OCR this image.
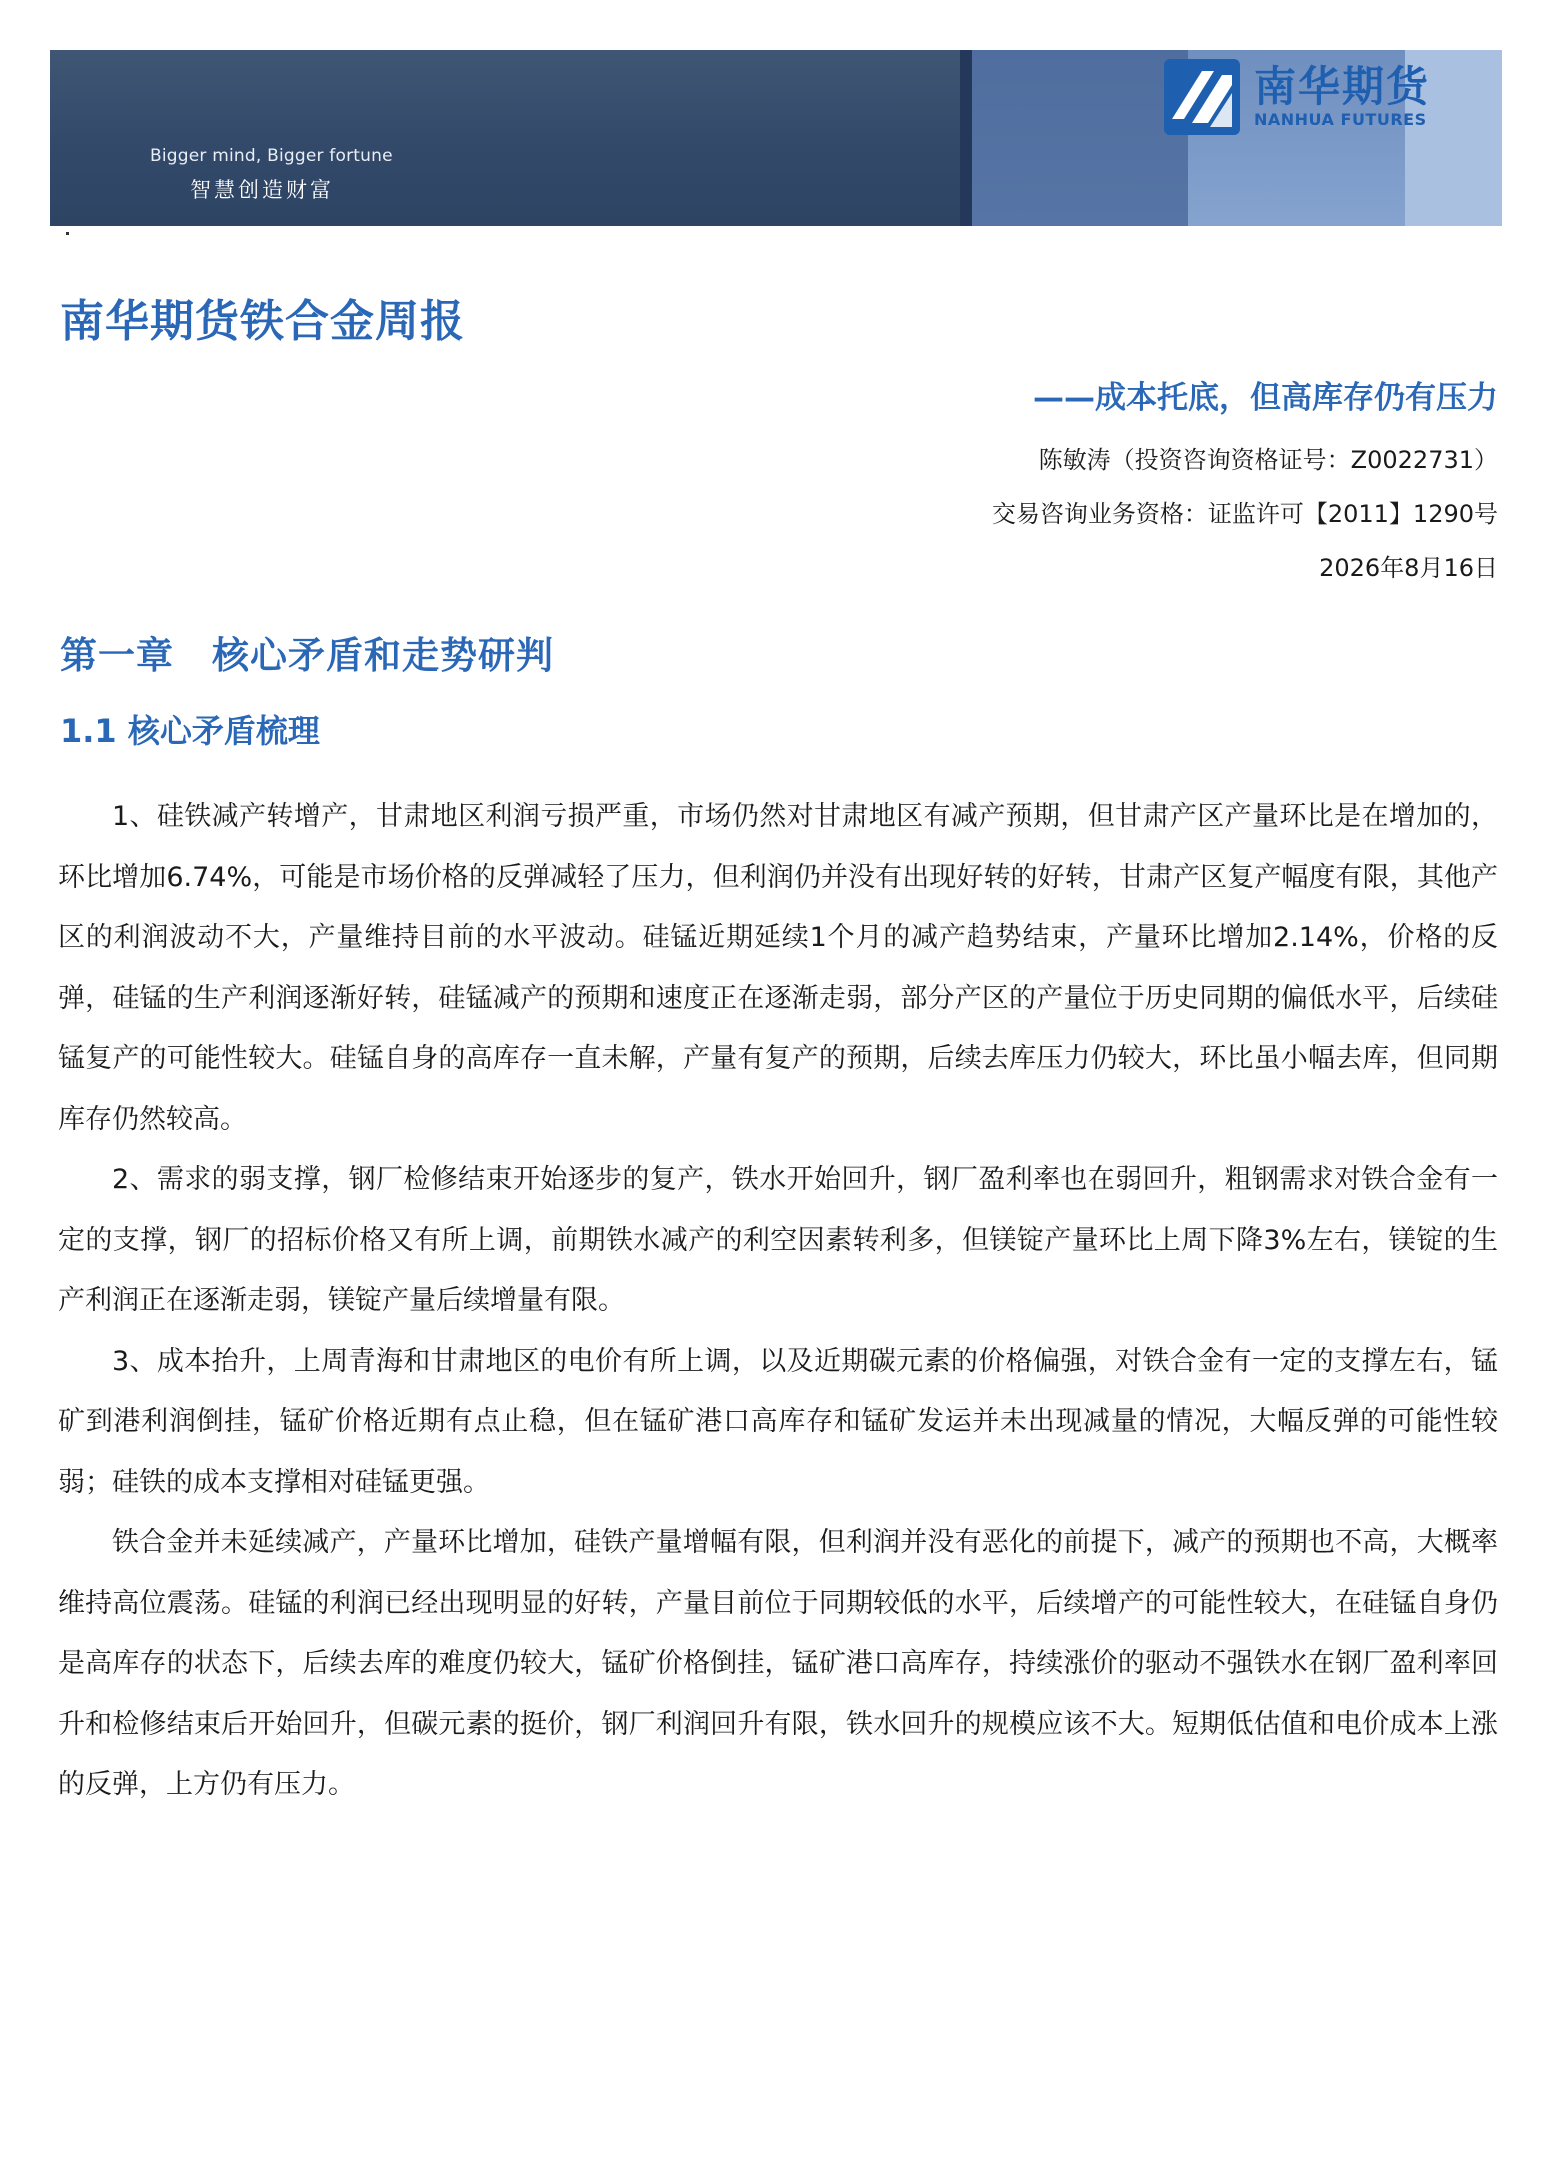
Bigger mind, Bigger fortune
智慧创造财富
南华期货
NANHUA FUTURES
南华期货铁合金周报
——成本托底，但高库存仍有压力
陈敏涛（投资咨询资格证号：Z0022731）
交易咨询业务资格：证监许可【2011】1290号
2026年8月16日
第一章　核心矛盾和走势研判
1.1 核心矛盾梳理

1、硅铁减产转增产，甘肃地区利润亏损严重，市场仍然对甘肃地区有减产预期，但甘肃产区产量环比是在增加的，环比增加6.74%，可能是市场价格的反弹减轻了压力，但利润仍并没有出现好转的好转，甘肃产区复产幅度有限，其他产区的利润波动不大，产量维持目前的水平波动。硅锰近期延续1个月的减产趋势结束，产量环比增加2.14%，价格的反弹，硅锰的生产利润逐渐好转，硅锰减产的预期和速度正在逐渐走弱，部分产区的产量位于历史同期的偏低水平，后续硅锰复产的可能性较大。硅锰自身的高库存一直未解，产量有复产的预期，后续去库压力仍较大，环比虽小幅去库，但同期库存仍然较高。

2、需求的弱支撑，钢厂检修结束开始逐步的复产，铁水开始回升，钢厂盈利率也在弱回升，粗钢需求对铁合金有一定的支撑，钢厂的招标价格又有所上调，前期铁水减产的利空因素转利多，但镁锭产量环比上周下降3%左右，镁锭的生产利润正在逐渐走弱，镁锭产量后续增量有限。

3、成本抬升，上周青海和甘肃地区的电价有所上调，以及近期碳元素的价格偏强，对铁合金有一定的支撑左右，锰矿到港利润倒挂，锰矿价格近期有点止稳，但在锰矿港口高库存和锰矿发运并未出现减量的情况，大幅反弹的可能性较弱；硅铁的成本支撑相对硅锰更强。

铁合金并未延续减产，产量环比增加，硅铁产量增幅有限，但利润并没有恶化的前提下，减产的预期也不高，大概率维持高位震荡。硅锰的利润已经出现明显的好转，产量目前位于同期较低的水平，后续增产的可能性较大，在硅锰自身仍是高库存的状态下，后续去库的难度仍较大，锰矿价格倒挂，锰矿港口高库存，持续涨价的驱动不强铁水在钢厂盈利率回升和检修结束后开始回升，但碳元素的挺价，钢厂利润回升有限，铁水回升的规模应该不大。短期低估值和电价成本上涨的反弹，上方仍有压力。
